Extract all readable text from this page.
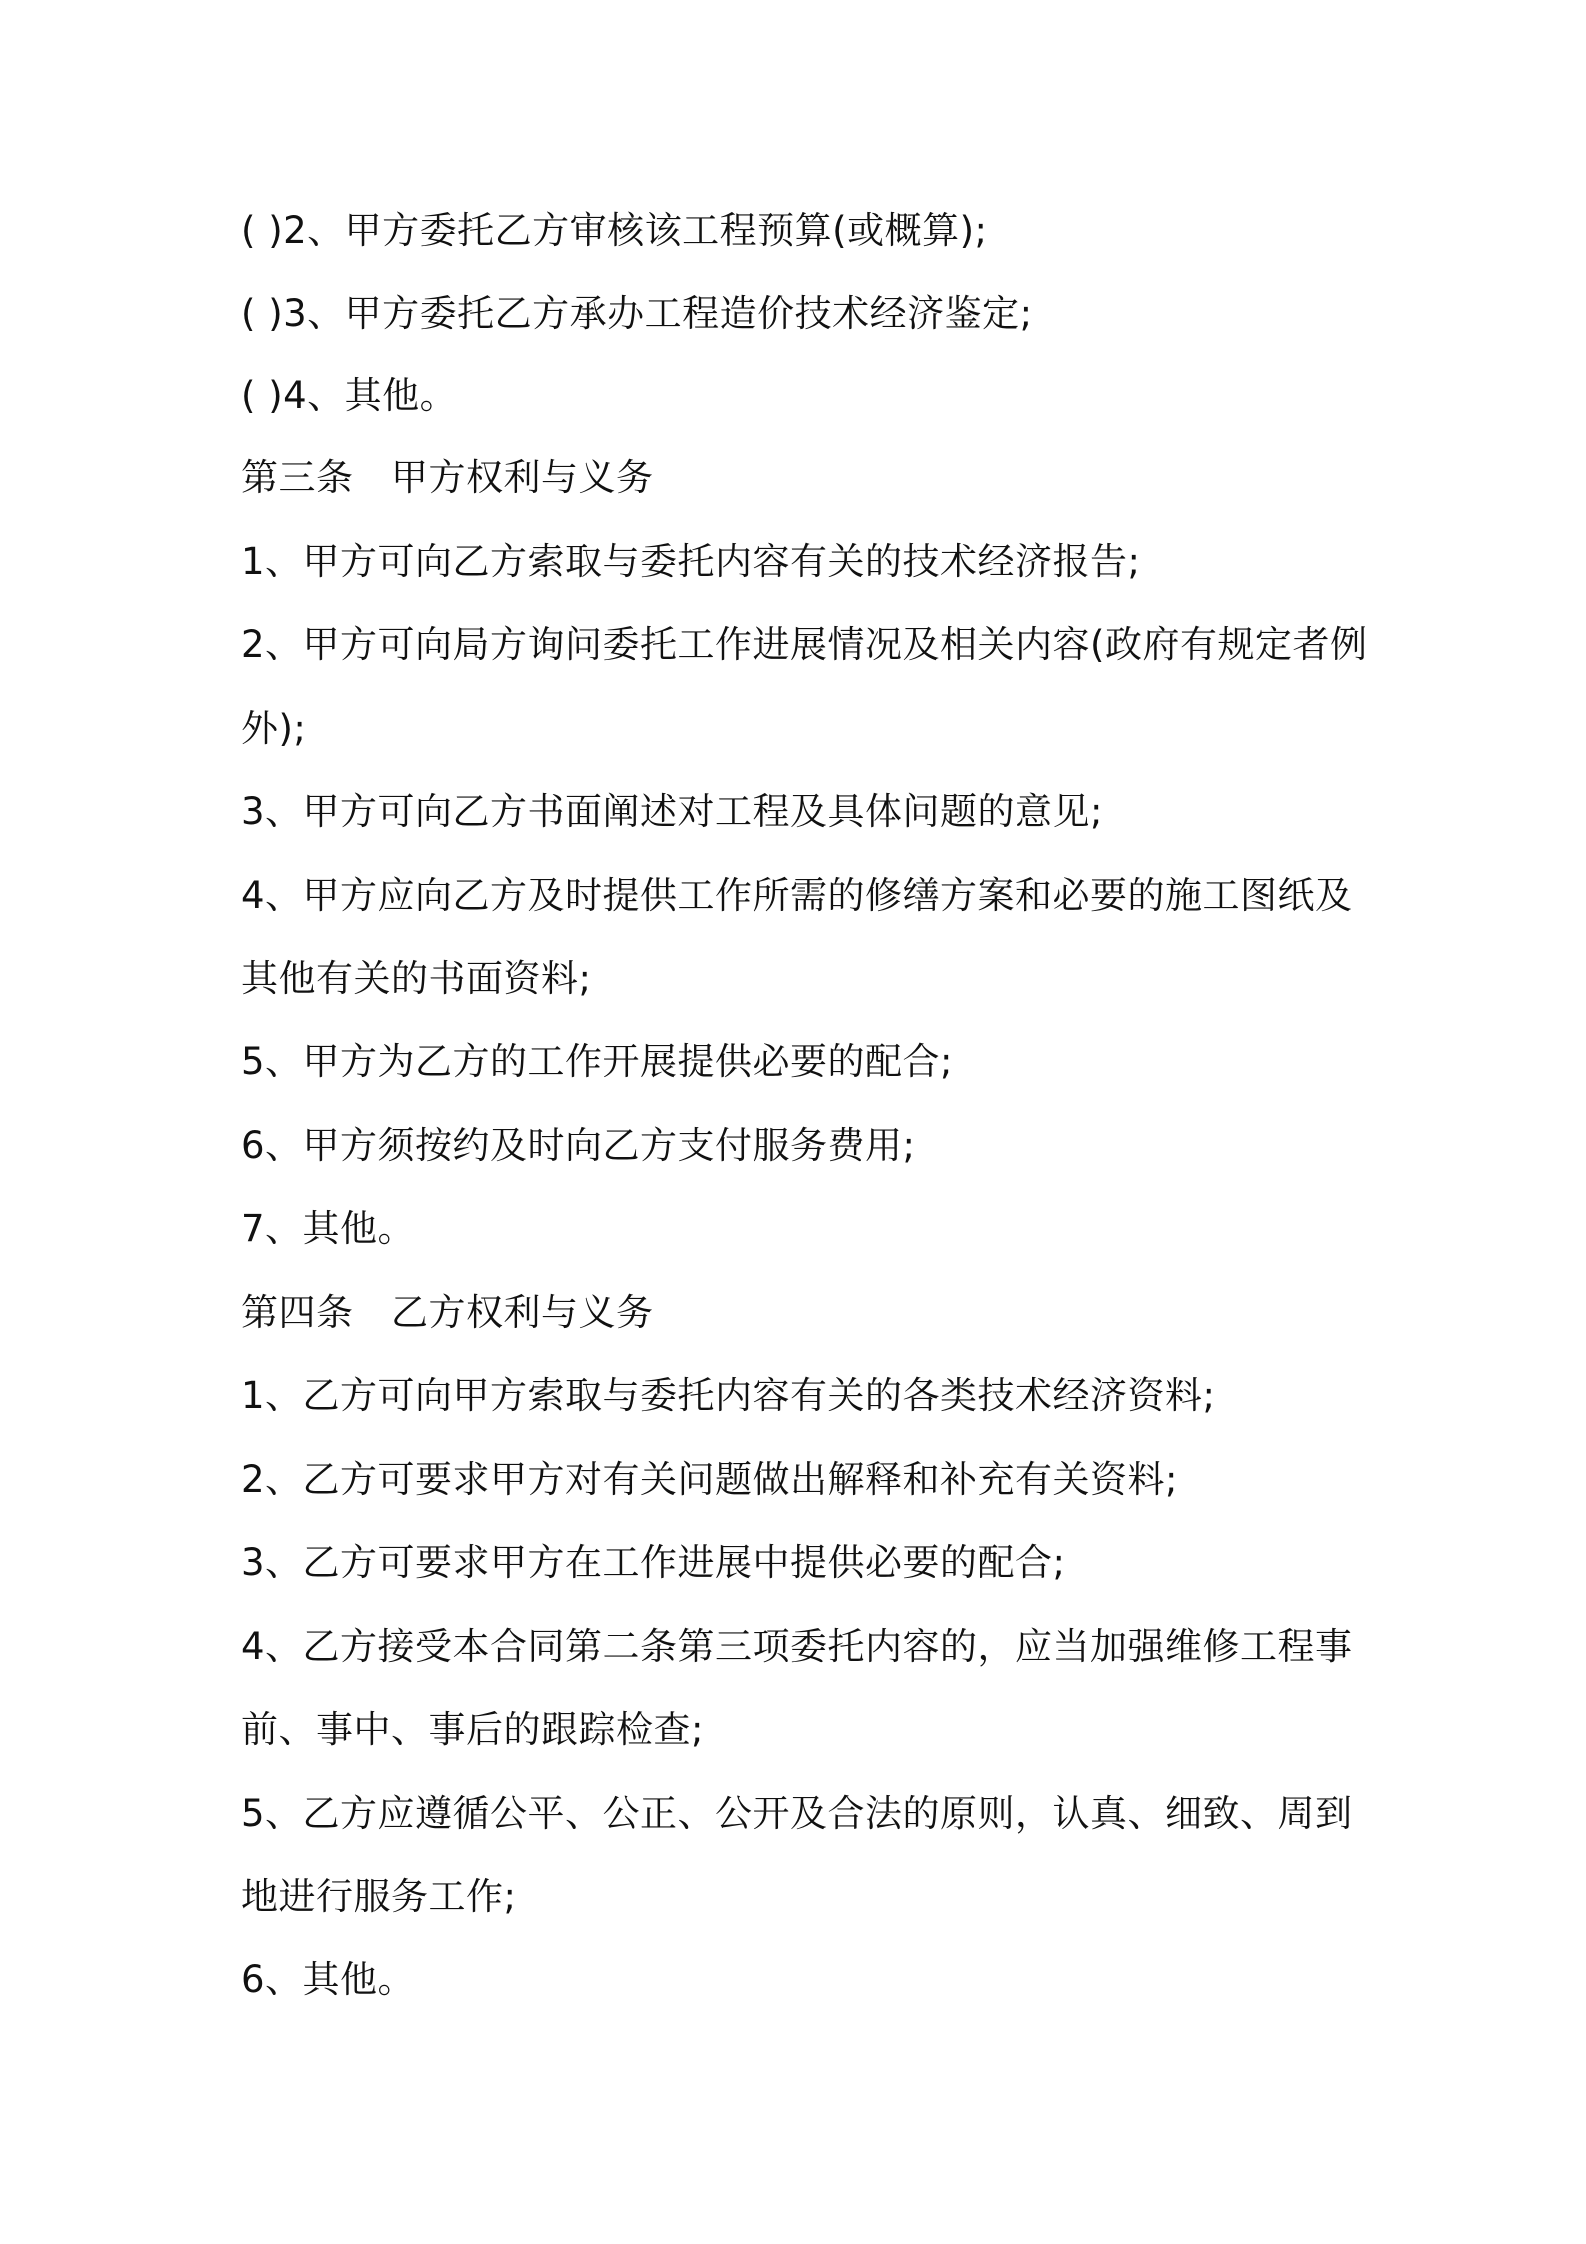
( )2、甲方委托乙方审核该工程预算(或概算);
( )3、甲方委托乙方承办工程造价技术经济鉴定;
( )4、其他。
第三条　甲方权利与义务
1、甲方可向乙方索取与委托内容有关的技术经济报告;
2、甲方可向局方询问委托工作进展情况及相关内容(政府有规定者例
外);
3、甲方可向乙方书面阐述对工程及具体问题的意见;
4、甲方应向乙方及时提供工作所需的修缮方案和必要的施工图纸及
其他有关的书面资料;
5、甲方为乙方的工作开展提供必要的配合;
6、甲方须按约及时向乙方支付服务费用;
7、其他。
第四条　乙方权利与义务
1、乙方可向甲方索取与委托内容有关的各类技术经济资料;
2、乙方可要求甲方对有关问题做出解释和补充有关资料;
3、乙方可要求甲方在工作进展中提供必要的配合;
4、乙方接受本合同第二条第三项委托内容的，应当加强维修工程事
前、事中、事后的跟踪检查;
5、乙方应遵循公平、公正、公开及合法的原则，认真、细致、周到
地进行服务工作;
6、其他。
